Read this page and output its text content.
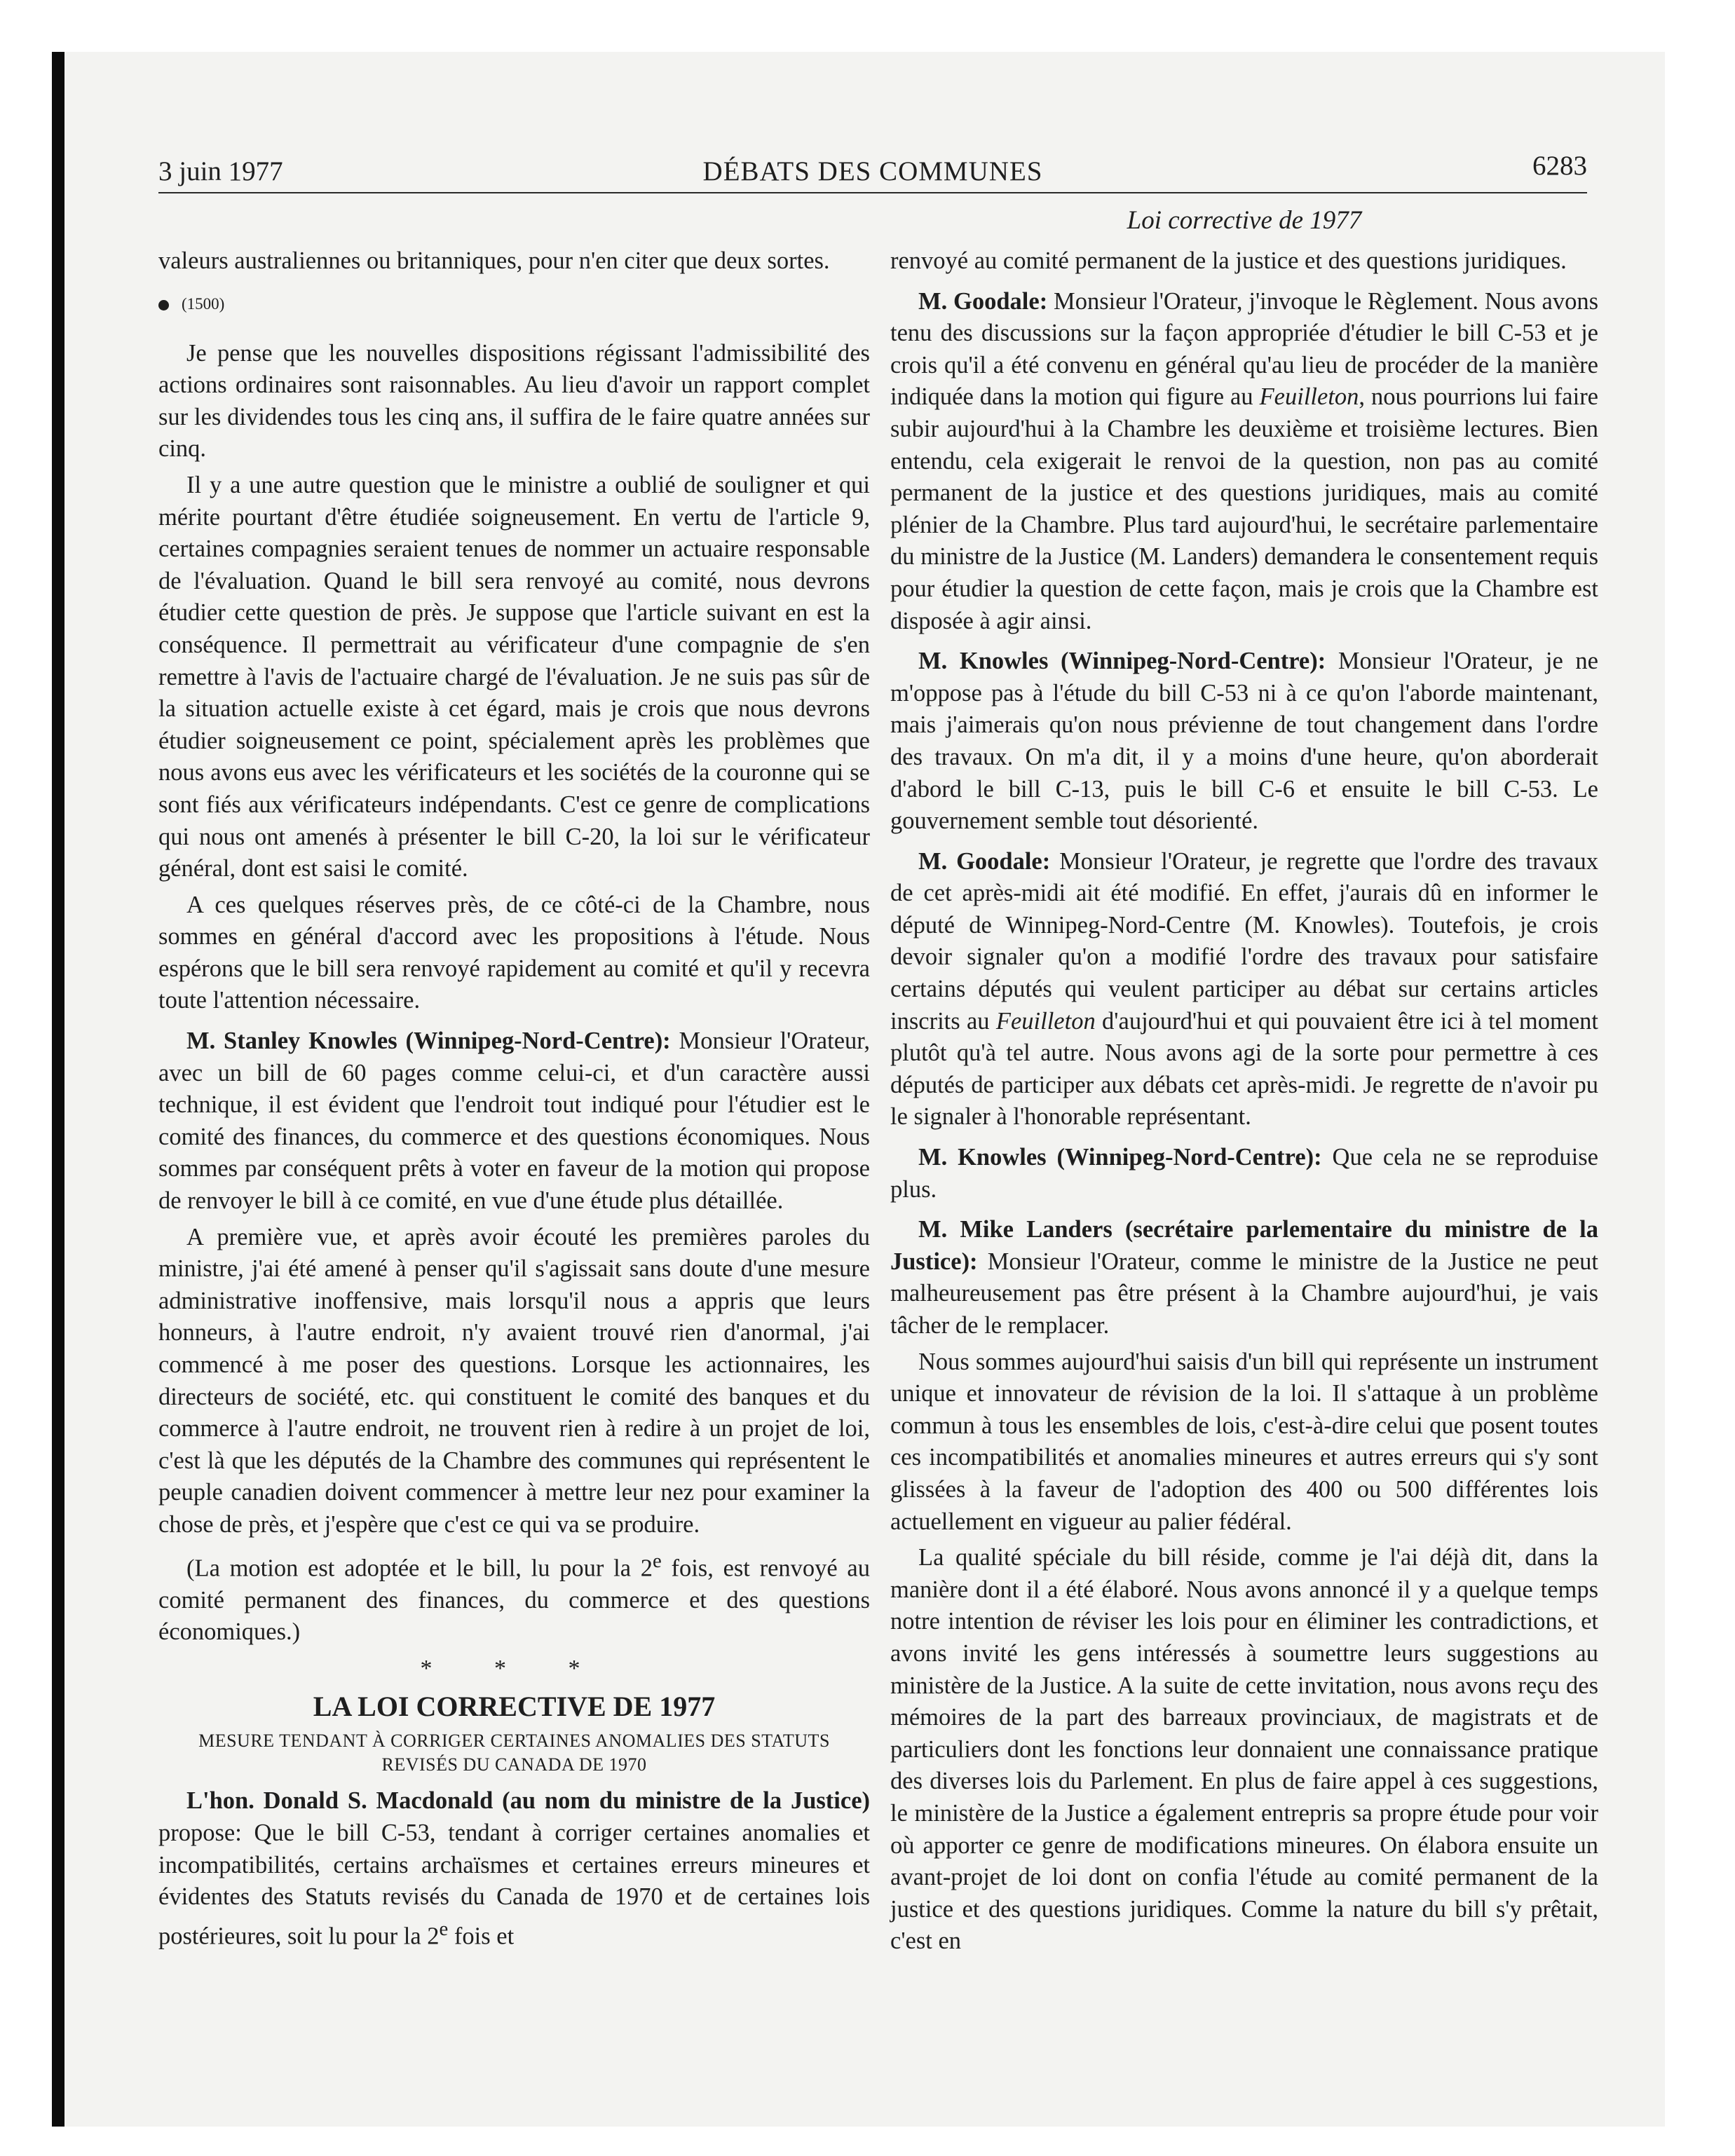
3 juin 1977	DÉBATS DES COMMUNES	6283
Loi corrective de 1977

valeurs australiennes ou britanniques, pour n'en citer que deux sortes.

(1500)

Je pense que les nouvelles dispositions régissant l'admissibilité des actions ordinaires sont raisonnables. Au lieu d'avoir un rapport complet sur les dividendes tous les cinq ans, il suffira de le faire quatre années sur cinq.

Il y a une autre question que le ministre a oublié de souligner et qui mérite pourtant d'être étudiée soigneusement. En vertu de l'article 9, certaines compagnies seraient tenues de nommer un actuaire responsable de l'évaluation. Quand le bill sera renvoyé au comité, nous devrons étudier cette question de près. Je suppose que l'article suivant en est la conséquence. Il permettrait au vérificateur d'une compagnie de s'en remettre à l'avis de l'actuaire chargé de l'évaluation. Je ne suis pas sûr de la situation actuelle existe à cet égard, mais je crois que nous devrons étudier soigneusement ce point, spécialement après les problèmes que nous avons eus avec les vérificateurs et les sociétés de la couronne qui se sont fiés aux vérificateurs indépendants. C'est ce genre de complications qui nous ont amenés à présenter le bill C-20, la loi sur le vérificateur général, dont est saisi le comité.

A ces quelques réserves près, de ce côté-ci de la Chambre, nous sommes en général d'accord avec les propositions à l'étude. Nous espérons que le bill sera renvoyé rapidement au comité et qu'il y recevra toute l'attention nécessaire.

M. Stanley Knowles (Winnipeg-Nord-Centre): Monsieur l'Orateur, avec un bill de 60 pages comme celui-ci, et d'un caractère aussi technique, il est évident que l'endroit tout indiqué pour l'étudier est le comité des finances, du commerce et des questions économiques. Nous sommes par conséquent prêts à voter en faveur de la motion qui propose de renvoyer le bill à ce comité, en vue d'une étude plus détaillée.

A première vue, et après avoir écouté les premières paroles du ministre, j'ai été amené à penser qu'il s'agissait sans doute d'une mesure administrative inoffensive, mais lorsqu'il nous a appris que leurs honneurs, à l'autre endroit, n'y avaient trouvé rien d'anormal, j'ai commencé à me poser des questions. Lorsque les actionnaires, les directeurs de société, etc. qui constituent le comité des banques et du commerce à l'autre endroit, ne trouvent rien à redire à un projet de loi, c'est là que les députés de la Chambre des communes qui représentent le peuple canadien doivent commencer à mettre leur nez pour examiner la chose de près, et j'espère que c'est ce qui va se produire.

(La motion est adoptée et le bill, lu pour la 2e fois, est renvoyé au comité permanent des finances, du commerce et des questions économiques.)

* * *

LA LOI CORRECTIVE DE 1977

MESURE TENDANT À CORRIGER CERTAINES ANOMALIES DES STATUTS REVISÉS DU CANADA DE 1970

L'hon. Donald S. Macdonald (au nom du ministre de la Justice) propose: Que le bill C-53, tendant à corriger certaines anomalies et incompatibilités, certains archaïsmes et certaines erreurs mineures et évidentes des Statuts revisés du Canada de 1970 et de certaines lois postérieures, soit lu pour la 2e fois et

renvoyé au comité permanent de la justice et des questions juridiques.

M. Goodale: Monsieur l'Orateur, j'invoque le Règlement. Nous avons tenu des discussions sur la façon appropriée d'étudier le bill C-53 et je crois qu'il a été convenu en général qu'au lieu de procéder de la manière indiquée dans la motion qui figure au Feuilleton, nous pourrions lui faire subir aujourd'hui à la Chambre les deuxième et troisième lectures. Bien entendu, cela exigerait le renvoi de la question, non pas au comité permanent de la justice et des questions juridiques, mais au comité plénier de la Chambre. Plus tard aujourd'hui, le secrétaire parlementaire du ministre de la Justice (M. Landers) demandera le consentement requis pour étudier la question de cette façon, mais je crois que la Chambre est disposée à agir ainsi.

M. Knowles (Winnipeg-Nord-Centre): Monsieur l'Orateur, je ne m'oppose pas à l'étude du bill C-53 ni à ce qu'on l'aborde maintenant, mais j'aimerais qu'on nous prévienne de tout changement dans l'ordre des travaux. On m'a dit, il y a moins d'une heure, qu'on aborderait d'abord le bill C-13, puis le bill C-6 et ensuite le bill C-53. Le gouvernement semble tout désorienté.

M. Goodale: Monsieur l'Orateur, je regrette que l'ordre des travaux de cet après-midi ait été modifié. En effet, j'aurais dû en informer le député de Winnipeg-Nord-Centre (M. Knowles). Toutefois, je crois devoir signaler qu'on a modifié l'ordre des travaux pour satisfaire certains députés qui veulent participer au débat sur certains articles inscrits au Feuilleton d'aujourd'hui et qui pouvaient être ici à tel moment plutôt qu'à tel autre. Nous avons agi de la sorte pour permettre à ces députés de participer aux débats cet après-midi. Je regrette de n'avoir pu le signaler à l'honorable représentant.

M. Knowles (Winnipeg-Nord-Centre): Que cela ne se reproduise plus.

M. Mike Landers (secrétaire parlementaire du ministre de la Justice): Monsieur l'Orateur, comme le ministre de la Justice ne peut malheureusement pas être présent à la Chambre aujourd'hui, je vais tâcher de le remplacer.

Nous sommes aujourd'hui saisis d'un bill qui représente un instrument unique et innovateur de révision de la loi. Il s'attaque à un problème commun à tous les ensembles de lois, c'est-à-dire celui que posent toutes ces incompatibilités et anomalies mineures et autres erreurs qui s'y sont glissées à la faveur de l'adoption des 400 ou 500 différentes lois actuellement en vigueur au palier fédéral.

La qualité spéciale du bill réside, comme je l'ai déjà dit, dans la manière dont il a été élaboré. Nous avons annoncé il y a quelque temps notre intention de réviser les lois pour en éliminer les contradictions, et avons invité les gens intéressés à soumettre leurs suggestions au ministère de la Justice. A la suite de cette invitation, nous avons reçu des mémoires de la part des barreaux provinciaux, de magistrats et de particuliers dont les fonctions leur donnaient une connaissance pratique des diverses lois du Parlement. En plus de faire appel à ces suggestions, le ministère de la Justice a également entrepris sa propre étude pour voir où apporter ce genre de modifications mineures. On élabora ensuite un avant-projet de loi dont on confia l'étude au comité permanent de la justice et des questions juridiques. Comme la nature du bill s'y prêtait, c'est en
